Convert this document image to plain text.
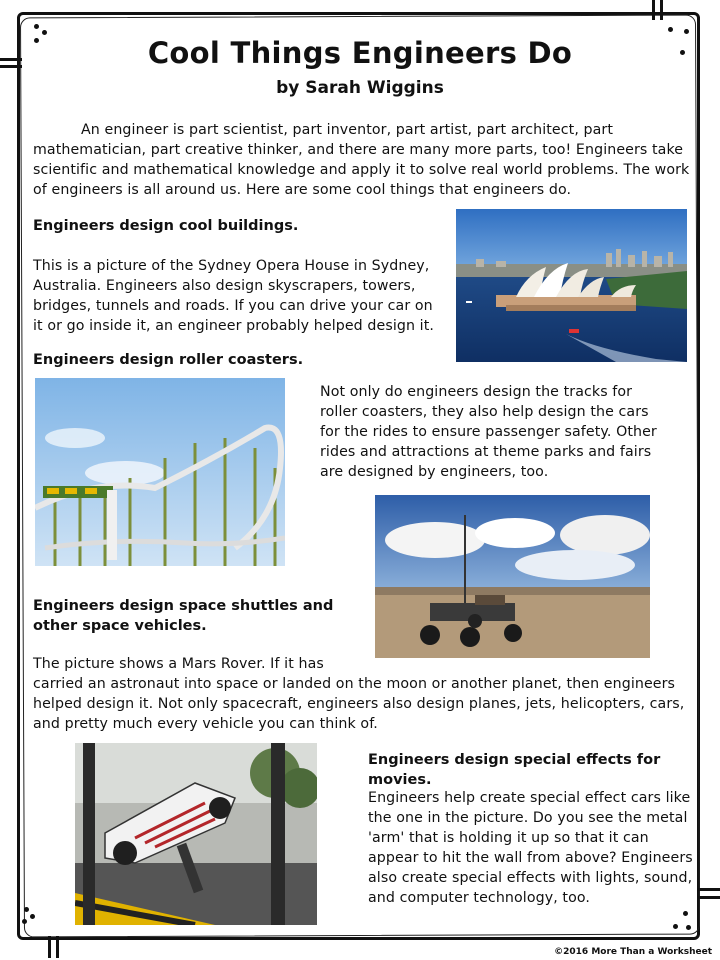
Cool Things Engineers Do
by Sarah Wiggins
An engineer is part scientist, part inventor, part artist, part architect, part mathematician, part creative thinker, and there are many more parts, too! Engineers take scientific and mathematical knowledge and apply it to solve real world problems. The work of engineers is all around us. Here are some cool things that engineers do.
Engineers design cool buildings.
This is a picture of the Sydney Opera House in Sydney, Australia. Engineers also design skyscrapers, towers, bridges, tunnels and roads. If you can drive your car on it or go inside it, an engineer probably helped design it.
Engineers design roller coasters.
Not only do engineers design the tracks for roller coasters, they also help design the cars for the rides to ensure passenger safety. Other rides and attractions at theme parks and fairs are designed by engineers, too.
Engineers design space shuttles and other space vehicles.
The picture shows a Mars Rover. If it has
carried an astronaut into space or landed on the moon or another planet, then engineers helped design it. Not only spacecraft, engineers also design planes, jets, helicopters, cars, and pretty much every vehicle you can think of.
Engineers design special effects for movies.
Engineers help create special effect cars like the one in the picture. Do you see the metal 'arm' that is holding it up so that it can appear to hit the wall from above? Engineers also create special effects with lights, sound, and computer technology, too.
©2016 More Than a Worksheet
